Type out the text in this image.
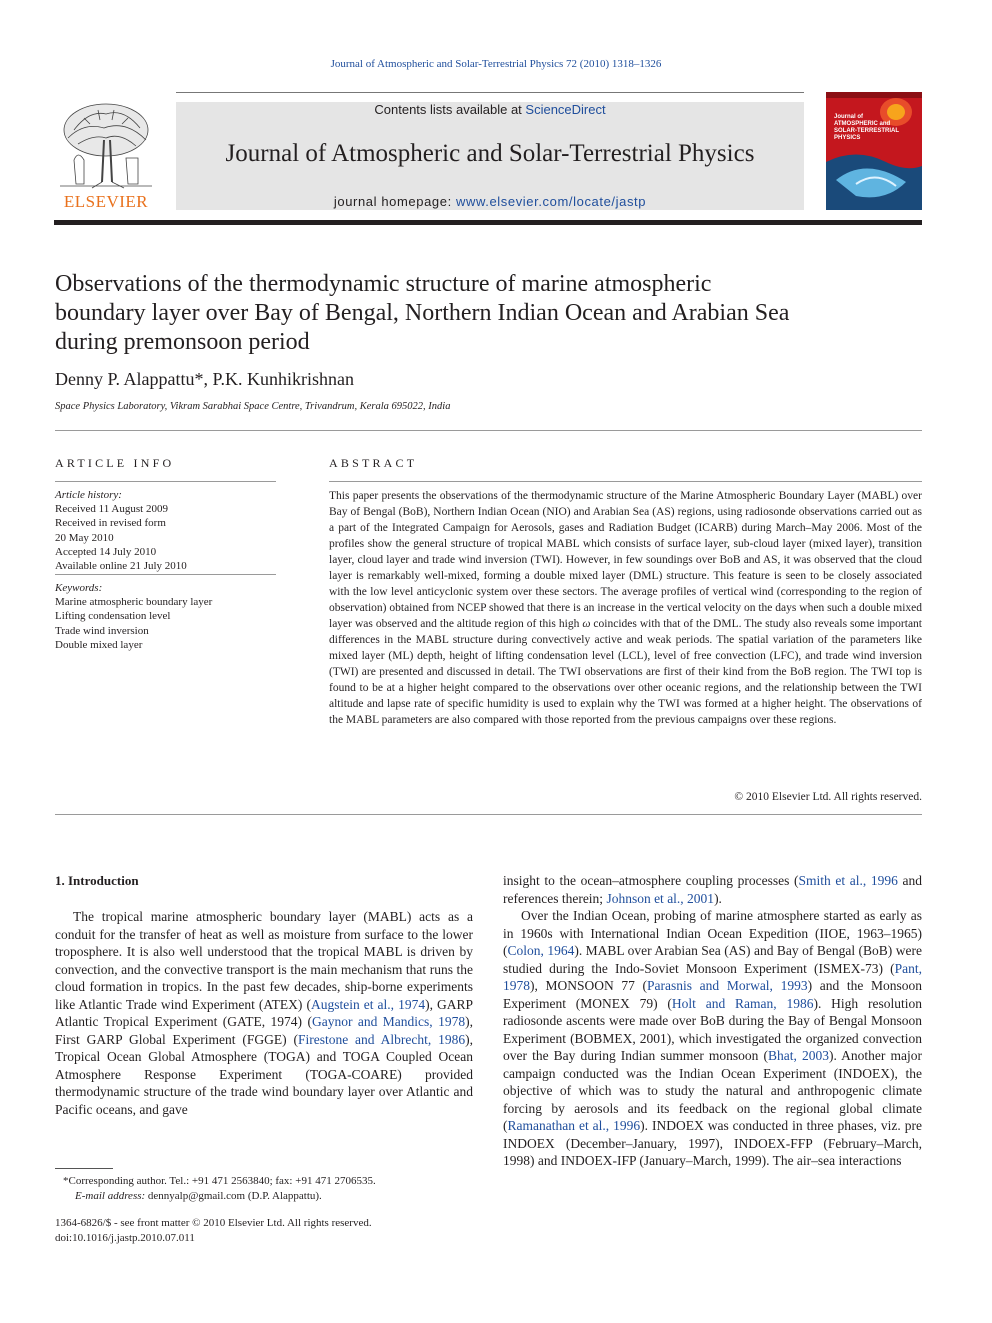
Journal of Atmospheric and Solar-Terrestrial Physics 72 (2010) 1318–1326
ELSEVIER
Contents lists available at ScienceDirect
Journal of Atmospheric and Solar-Terrestrial Physics
journal homepage: www.elsevier.com/locate/jastp
Journal of
ATMOSPHERIC and
SOLAR-TERRESTRIAL
PHYSICS
Observations of the thermodynamic structure of marine atmospheric
boundary layer over Bay of Bengal, Northern Indian Ocean and Arabian Sea
during premonsoon period
Denny P. Alappattu*, P.K. Kunhikrishnan
Space Physics Laboratory, Vikram Sarabhai Space Centre, Trivandrum, Kerala 695022, India
ARTICLE INFO
Article history:
Received 11 August 2009
Received in revised form
20 May 2010
Accepted 14 July 2010
Available online 21 July 2010
Keywords:
Marine atmospheric boundary layer
Lifting condensation level
Trade wind inversion
Double mixed layer
ABSTRACT
This paper presents the observations of the thermodynamic structure of the Marine Atmospheric Boundary Layer (MABL) over Bay of Bengal (BoB), Northern Indian Ocean (NIO) and Arabian Sea (AS) regions, using radiosonde observations carried out as a part of the Integrated Campaign for Aerosols, gases and Radiation Budget (ICARB) during March–May 2006. Most of the profiles show the general structure of tropical MABL which consists of surface layer, sub-cloud layer (mixed layer), transition layer, cloud layer and trade wind inversion (TWI). However, in few soundings over BoB and AS, it was observed that the cloud layer is remarkably well-mixed, forming a double mixed layer (DML) structure. This feature is seen to be closely associated with the low level anticyclonic system over these sectors. The average profiles of vertical wind (corresponding to the region of observation) obtained from NCEP showed that there is an increase in the vertical velocity on the days when such a double mixed layer was observed and the altitude region of this high ω coincides with that of the DML. The study also reveals some important differences in the MABL structure during convectively active and weak periods. The spatial variation of the parameters like mixed layer (ML) depth, height of lifting condensation level (LCL), level of free convection (LFC), and trade wind inversion (TWI) are presented and discussed in detail. The TWI observations are first of their kind from the BoB region. The TWI top is found to be at a higher height compared to the observations over other oceanic regions, and the relationship between the TWI altitude and lapse rate of specific humidity is used to explain why the TWI was formed at a higher height. The observations of the MABL parameters are also compared with those reported from the previous campaigns over these regions.
© 2010 Elsevier Ltd. All rights reserved.
1. Introduction

The tropical marine atmospheric boundary layer (MABL) acts as a conduit for the transfer of heat as well as moisture from surface to the lower troposphere. It is also well understood that the tropical MABL is driven by convection, and the convective transport is the main mechanism that runs the cloud formation in tropics. In the past few decades, ship-borne experiments like Atlantic Trade wind Experiment (ATEX) (Augstein et al., 1974), GARP Atlantic Tropical Experiment (GATE, 1974) (Gaynor and Mandics, 1978), First GARP Global Experiment (FGGE) (Firestone and Albrecht, 1986), Tropical Ocean Global Atmosphere (TOGA) and TOGA Coupled Ocean Atmosphere Response Experiment (TOGA-COARE) provided thermodynamic structure of the trade wind boundary layer over Atlantic and Pacific oceans, and gave

insight to the ocean–atmosphere coupling processes (Smith et al., 1996 and references therein; Johnson et al., 2001).

Over the Indian Ocean, probing of marine atmosphere started as early as in 1960s with International Indian Ocean Expedition (IIOE, 1963–1965) (Colon, 1964). MABL over Arabian Sea (AS) and Bay of Bengal (BoB) were studied during the Indo-Soviet Monsoon Experiment (ISMEX-73) (Pant, 1978), MONSOON 77 (Parasnis and Morwal, 1993) and the Monsoon Experiment (MONEX 79) (Holt and Raman, 1986). High resolution radiosonde ascents were made over BoB during the Bay of Bengal Monsoon Experiment (BOBMEX, 2001), which investigated the organized convection over the Bay during Indian summer monsoon (Bhat, 2003). Another major campaign conducted was the Indian Ocean Experiment (INDOEX), the objective of which was to study the natural and anthropogenic climate forcing by aerosols and its feedback on the regional global climate (Ramanathan et al., 1996). INDOEX was conducted in three phases, viz. pre INDOEX (December–January, 1997), INDOEX-FFP (February–March, 1998) and INDOEX-IFP (January–March, 1999). The air–sea interactions

*Corresponding author. Tel.: +91 471 2563840; fax: +91 471 2706535.
E-mail address: dennyalp@gmail.com (D.P. Alappattu).
1364-6826/$ - see front matter © 2010 Elsevier Ltd. All rights reserved.
doi:10.1016/j.jastp.2010.07.011
